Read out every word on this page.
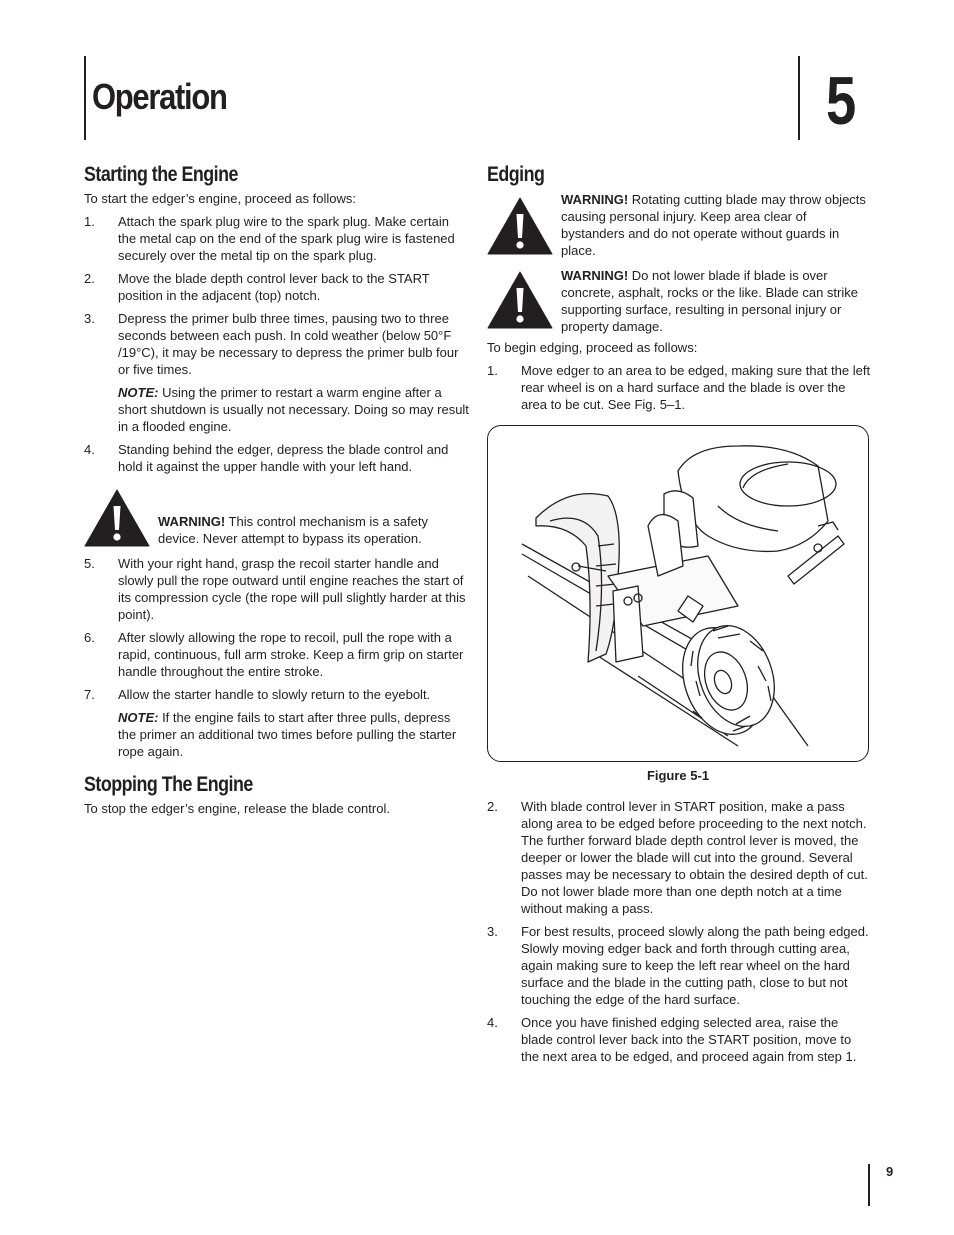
Operation	5
Starting the Engine

To start the edger’s engine, proceed as follows:

1. Attach the spark plug wire to the spark plug. Make certain the metal cap on the end of the spark plug wire is fastened securely over the metal tip on the spark plug.

2. Move the blade depth control lever back to the START position in the adjacent (top) notch.

3. Depress the primer bulb three times, pausing two to three seconds between each push. In cold weather (below 50°F /19°C), it may be necessary to depress the primer bulb four or five times.

NOTE: Using the primer to restart a warm engine after a short shutdown is usually not necessary. Doing so may result in a flooded engine.

4. Standing behind the edger, depress the blade control and hold it against the upper handle with your left hand.

WARNING! This control mechanism is a safety device. Never attempt to bypass its operation.

5. With your right hand, grasp the recoil starter handle and slowly pull the rope outward until engine reaches the start of its compression cycle (the rope will pull slightly harder at this point).

6. After slowly allowing the rope to recoil, pull the rope with a rapid, continuous, full arm stroke. Keep a firm grip on starter handle throughout the entire stroke.

7. Allow the starter handle to slowly return to the eyebolt.

NOTE: If the engine fails to start after three pulls, depress the primer an additional two times before pulling the starter rope again.

Stopping The Engine

To stop the edger’s engine, release the blade control.

Edging

WARNING! Rotating cutting blade may throw objects causing personal injury. Keep area clear of bystanders and do not operate without guards in place.

WARNING! Do not lower blade if blade is over concrete, asphalt, rocks or the like. Blade can strike supporting surface, resulting in personal injury or property damage.

To begin edging, proceed as follows:

1. Move edger to an area to be edged, making sure that the left rear wheel is on a hard surface and the blade is over the area to be cut. See Fig. 5–1.

Figure 5-1
2. With blade control lever in START position, make a pass along area to be edged before proceeding to the next notch. The further forward blade depth control lever is moved, the deeper or lower the blade will cut into the ground. Several passes may be necessary to obtain the desired depth of cut. Do not lower blade more than one depth notch at a time without making a pass.

3. For best results, proceed slowly along the path being edged. Slowly moving edger back and forth through cutting area, again making sure to keep the left rear wheel on the hard surface and the blade in the cutting path, close to but not touching the edge of the hard surface.

4. Once you have finished edging selected area, raise the blade control lever back into the START position, move to the next area to be edged, and proceed again from step 1.

9
